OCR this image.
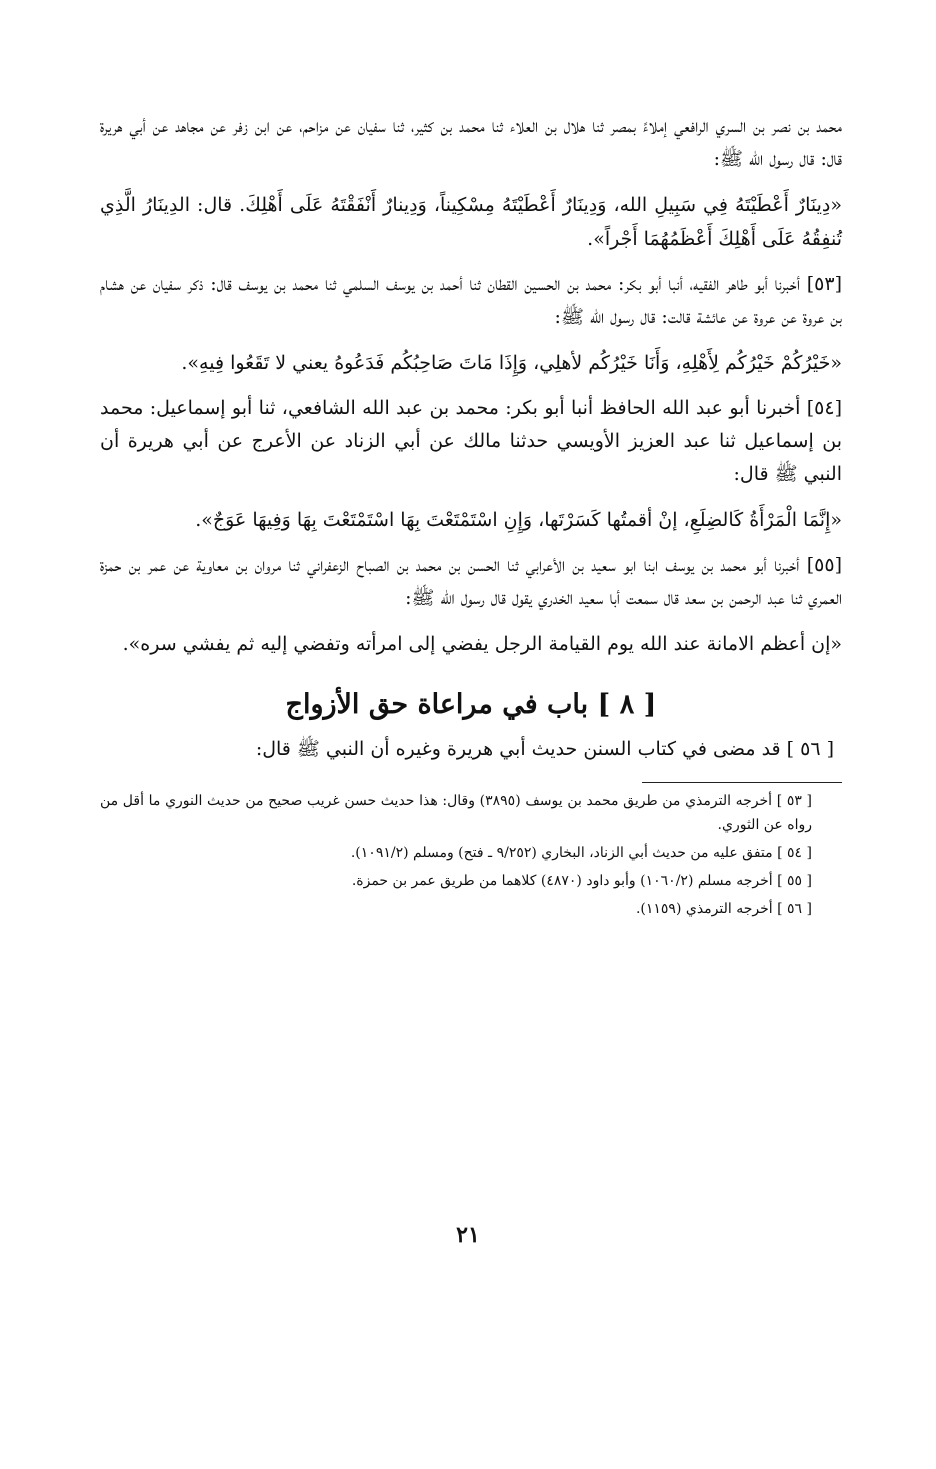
محمد بن نصر بن السري الرافعي إملاءً بمصر ثنا هلال بن العلاء ثنا محمد بن كثير، ثنا سفيان عن مزاحم، عن ابن زفر عن مجاهد عن أبي هريرة قال: قال رسول الله ﷺ:

«دِينَارٌ أَعْطَيْتَهُ فِي سَبِيلِ الله، وَدِينَارٌ أَعْطَيْتَهُ مِسْكِيناً، وَدِينارٌ أَنْفَقْتَهُ عَلَى أَهْلِكَ. قال: الدِينَارُ الَّذِي تُنفِقُهُ عَلَى أَهْلِكَ أَعْظَمُهُمَا أَجْراً».

[٥٣] أخبرنا أبو طاهر الفقيه، أنبا أبو بكر: محمد بن الحسين القطان ثنا أحمد بن يوسف السلمي ثنا محمد بن يوسف قال: ذكر سفيان عن هشام بن عروة عن عروة عن عائشة قالت: قال رسول الله ﷺ:

«خَيْرُكُمْ خَيْرُكُم لِأَهْلِهِ، وَأَنَا خَيْرُكُم لأهلِي، وَإِذَا مَاتَ صَاحِبُكُم فَدَعُوهُ يعني لا تَقَعُوا فِيهِ».

[٥٤] أخبرنا أبو عبد الله الحافظ أنبا أبو بكر: محمد بن عبد الله الشافعي، ثنا أبو إسماعيل: محمد بن إسماعيل ثنا عبد العزيز الأويسي حدثنا مالك عن أبي الزناد عن الأعرج عن أبي هريرة أن النبي ﷺ قال:

«إِنَّمَا الْمَرْأَةُ كَالضِلَعِ، إنْ أقمتُها كَسَرْتَها، وَإِنِ اسْتَمْتَعْتَ بِهَا اسْتَمْتَعْتَ بِهَا وَفِيهَا عَوَجٌ».

[٥٥] أخبرنا أبو محمد بن يوسف ابنا ابو سعيد بن الأعرابي ثنا الحسن بن محمد بن الصباح الزعفراني ثنا مروان بن معاوية عن عمر بن حمزة العمري ثنا عبد الرحمن بن سعد قال سمعت أبا سعيد الخدري يقول قال رسول الله ﷺ:

«إن أعظم الامانة عند الله يوم القيامة الرجل يفضي إلى امرأته وتفضي إليه ثم يفشي سره».

[ ٨ ] باب في مراعاة حق الأزواج
[ ٥٦ ] قد مضى في كتاب السنن حديث أبي هريرة وغيره أن النبي ﷺ قال:

[ ٥٣ ] أخرجه الترمذي من طريق محمد بن يوسف (٣٨٩٥) وقال: هذا حديث حسن غريب صحيح من حديث النوري ما أقل من رواه عن الثوري.

[ ٥٤ ] متفق عليه من حديث أبي الزناد، البخاري (٩/٢٥٢ ـ فتح) ومسلم (١٠٩١/٢).

[ ٥٥ ] أخرجه مسلم (١٠٦٠/٢) وأبو داود (٤٨٧٠) كلاهما من طريق عمر بن حمزة.

[ ٥٦ ] أخرجه الترمذي (١١٥٩).

٢١
